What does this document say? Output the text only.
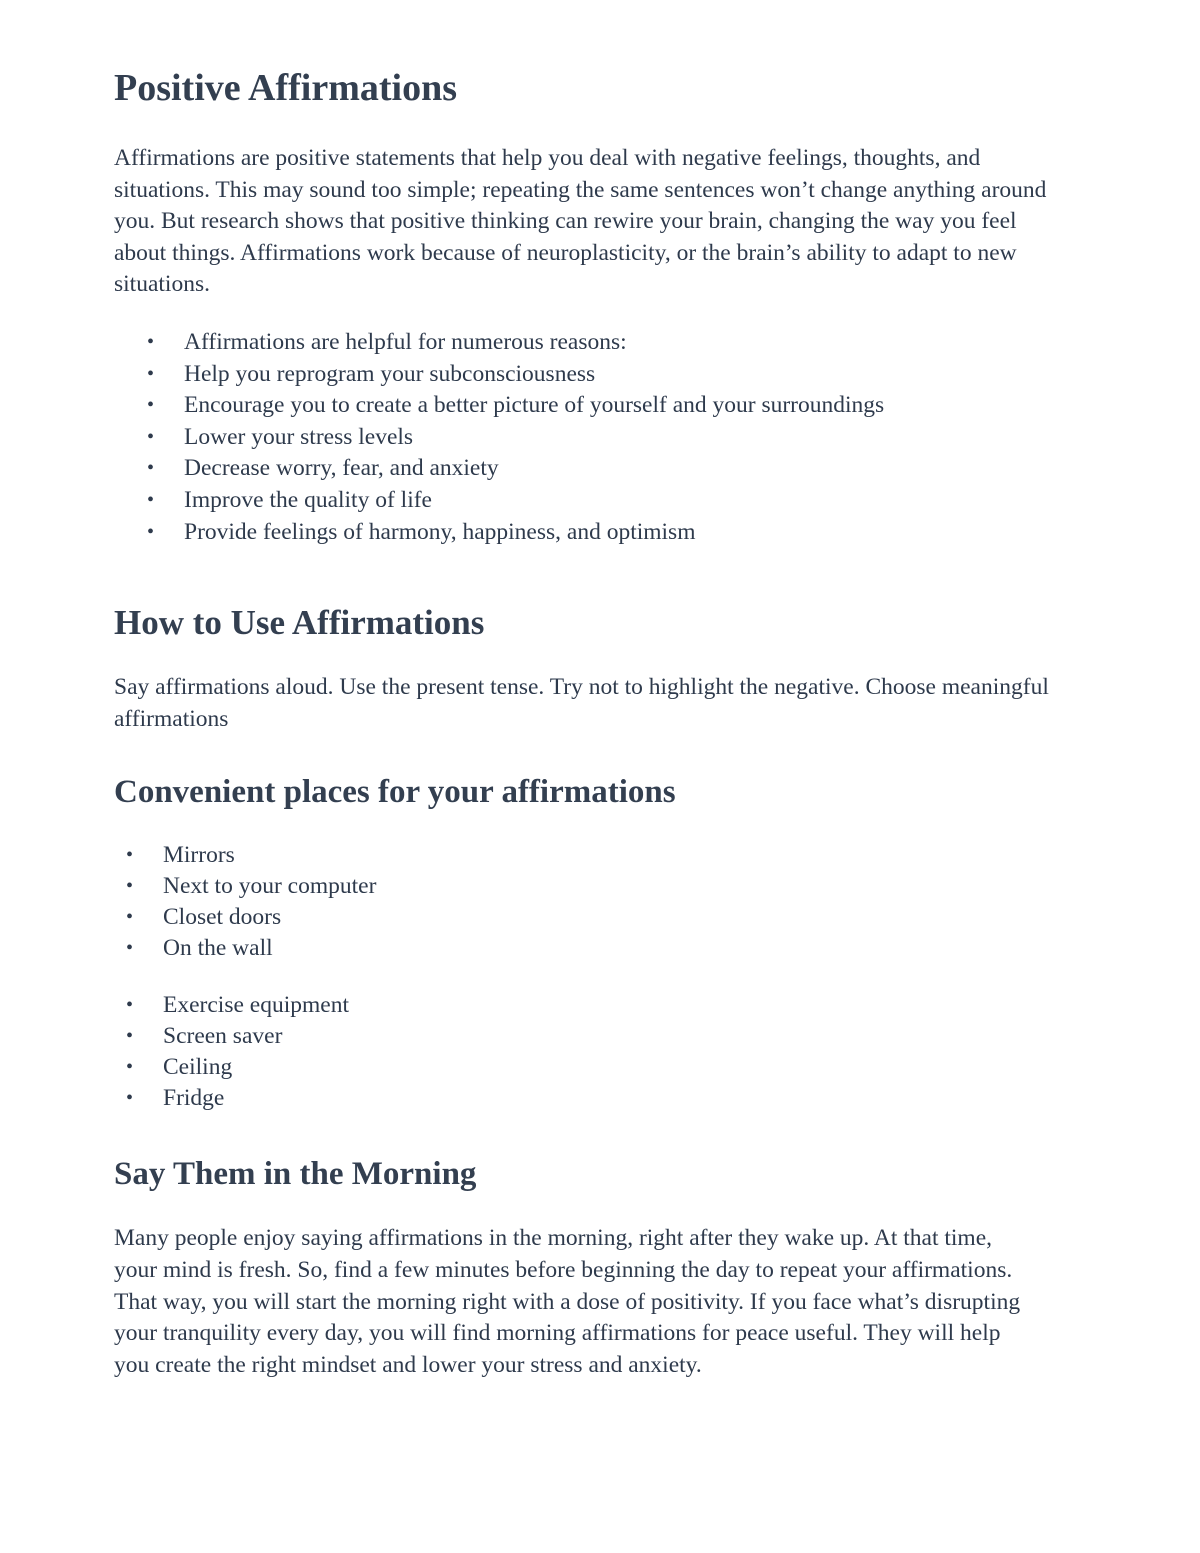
Positive Affirmations

Affirmations are positive statements that help you deal with negative feelings, thoughts, and situations. This may sound too simple; repeating the same sentences won’t change anything around you. But research shows that positive thinking can rewire your brain, changing the way you feel about things. Affirmations work because of neuroplasticity, or the brain’s ability to adapt to new situations.

• Affirmations are helpful for numerous reasons:
• Help you reprogram your subconsciousness
• Encourage you to create a better picture of yourself and your surroundings
• Lower your stress levels
• Decrease worry, fear, and anxiety
• Improve the quality of life
• Provide feelings of harmony, happiness, and optimism
How to Use Affirmations

Say affirmations aloud. Use the present tense. Try not to highlight the negative. Choose meaningful affirmations

Convenient places for your affirmations
• Mirrors
• Next to your computer
• Closet doors
• On the wall
• Exercise equipment
• Screen saver
• Ceiling
• Fridge
Say Them in the Morning

Many people enjoy saying affirmations in the morning, right after they wake up. At that time, your mind is fresh. So, find a few minutes before beginning the day to repeat your affirmations. That way, you will start the morning right with a dose of positivity. If you face what’s disrupting your tranquility every day, you will find morning affirmations for peace useful. They will help you create the right mindset and lower your stress and anxiety.
